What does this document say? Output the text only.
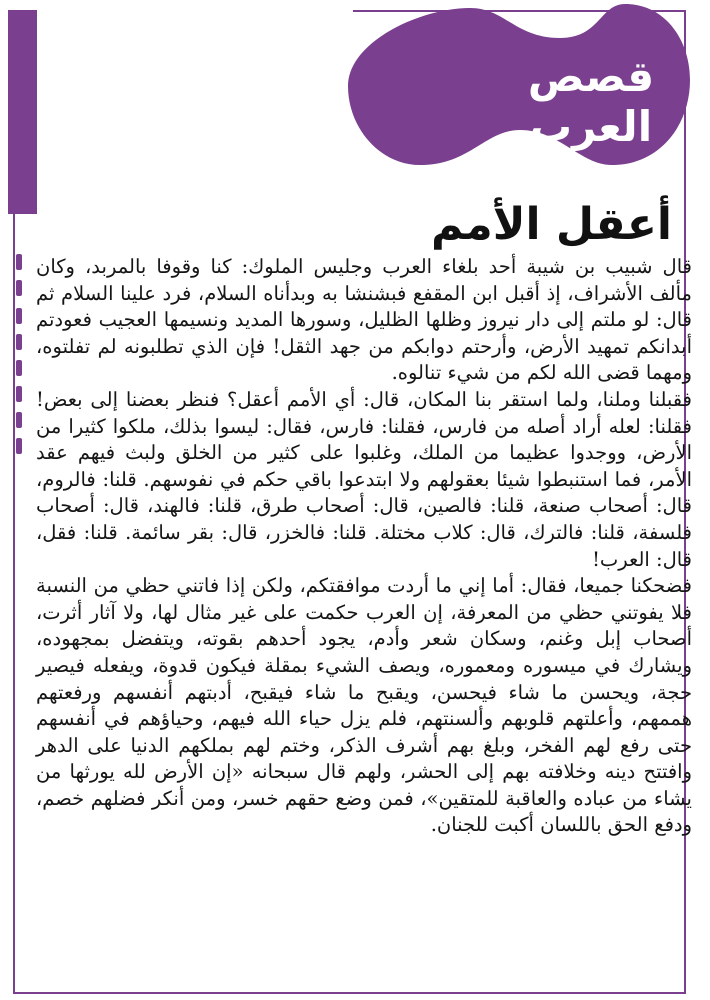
قصص العرب
أعقل الأمم

قال شبيب بن شيبة أحد بلغاء العرب وجليس الملوك: كنا وقوفا بالمربد، وكان مألف الأشراف، إذ أقبل ابن المقفع فبشنشا به وبدأناه السلام، فرد علينا السلام ثم قال: لو ملتم إلى دار نيروز وظلها الظليل، وسورها المديد ونسيمها العجيب فعودتم أبدانكم تمهيد الأرض، وأرحتم دوابكم من جهد الثقل! فإن الذي تطلبونه لم تفلتوه، ومهما قضى الله لكم من شيء تنالوه.

فقبلنا وملنا، ولما استقر بنا المكان، قال: أي الأمم أعقل؟ فنظر بعضنا إلى بعض! فقلنا: لعله أراد أصله من فارس، فقلنا: فارس، فقال: ليسوا بذلك، ملكوا كثيرا من الأرض، ووجدوا عظيما من الملك، وغلبوا على كثير من الخلق ولبث فيهم عقد الأمر، فما استنبطوا شيئا بعقولهم ولا ابتدعوا باقي حكم في نفوسهم. قلنا: فالروم، قال: أصحاب صنعة، قلنا: فالصين، قال: أصحاب طرق، قلنا: فالهند، قال: أصحاب فلسفة، قلنا: فالترك، قال: كلاب مختلة. قلنا: فالخزر، قال: بقر سائمة. قلنا: فقل، قال: العرب!

فضحكنا جميعا، فقال: أما إني ما أردت موافقتكم، ولكن إذا فاتني حظي من النسبة فلا يفوتني حظي من المعرفة، إن العرب حكمت على غير مثال لها، ولا آثار أثرت، أصحاب إبل وغنم، وسكان شعر وأدم، يجود أحدهم بقوته، ويتفضل بمجهوده، ويشارك في ميسوره ومعموره، ويصف الشيء بمقلة فيكون قدوة، ويفعله فيصير حجة، ويحسن ما شاء فيحسن، ويقبح ما شاء فيقبح، أدبتهم أنفسهم ورفعتهم هممهم، وأعلتهم قلوبهم وألسنتهم، فلم يزل حياء الله فيهم، وحياؤهم في أنفسهم حتى رفع لهم الفخر، وبلغ بهم أشرف الذكر، وختم لهم بملكهم الدنيا على الدهر وافتتح دينه وخلافته بهم إلى الحشر، ولهم قال سبحانه «إن الأرض لله يورثها من يشاء من عباده والعاقبة للمتقين»، فمن وضع حقهم خسر، ومن أنكر فضلهم خصم، ودفع الحق باللسان أكبت للجنان.
